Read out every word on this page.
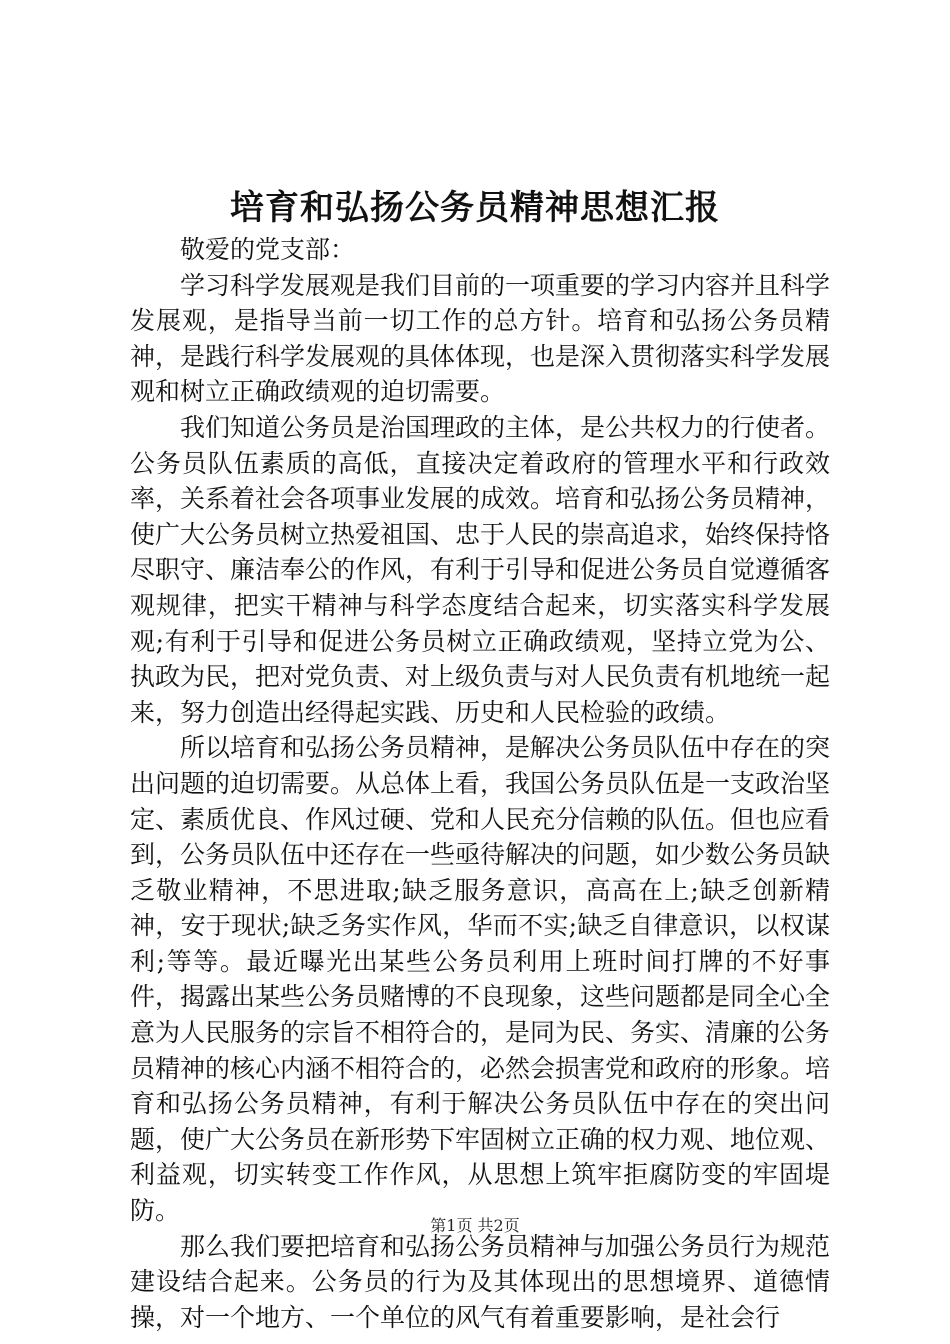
培育和弘扬公务员精神思想汇报

敬爱的党支部：

学习科学发展观是我们目前的一项重要的学习内容并且科学发展观，是指导当前一切工作的总方针。培育和弘扬公务员精神，是践行科学发展观的具体体现，也是深入贯彻落实科学发展观和树立正确政绩观的迫切需要。

我们知道公务员是治国理政的主体，是公共权力的行使者。公务员队伍素质的高低，直接决定着政府的管理水平和行政效率，关系着社会各项事业发展的成效。培育和弘扬公务员精神，使广大公务员树立热爱祖国、忠于人民的崇高追求，始终保持恪尽职守、廉洁奉公的作风，有利于引导和促进公务员自觉遵循客观规律，把实干精神与科学态度结合起来，切实落实科学发展观;有利于引导和促进公务员树立正确政绩观，坚持立党为公、执政为民，把对党负责、对上级负责与对人民负责有机地统一起来，努力创造出经得起实践、历史和人民检验的政绩。

所以培育和弘扬公务员精神，是解决公务员队伍中存在的突出问题的迫切需要。从总体上看，我国公务员队伍是一支政治坚定、素质优良、作风过硬、党和人民充分信赖的队伍。但也应看到，公务员队伍中还存在一些亟待解决的问题，如少数公务员缺乏敬业精神，不思进取;缺乏服务意识，高高在上;缺乏创新精神，安于现状;缺乏务实作风，华而不实;缺乏自律意识，以权谋利;等等。最近曝光出某些公务员利用上班时间打牌的不好事件，揭露出某些公务员赌博的不良现象，这些问题都是同全心全意为人民服务的宗旨不相符合的，是同为民、务实、清廉的公务员精神的核心内涵不相符合的，必然会损害党和政府的形象。培育和弘扬公务员精神，有利于解决公务员队伍中存在的突出问题，使广大公务员在新形势下牢固树立正确的权力观、地位观、利益观，切实转变工作作风，从思想上筑牢拒腐防变的牢固堤防。

那么我们要把培育和弘扬公务员精神与加强公务员行为规范建设结合起来。公务员的行为及其体现出的思想境界、道德情操，对一个地方、一个单位的风气有着重要影响，是社会行

第1页 共2页
